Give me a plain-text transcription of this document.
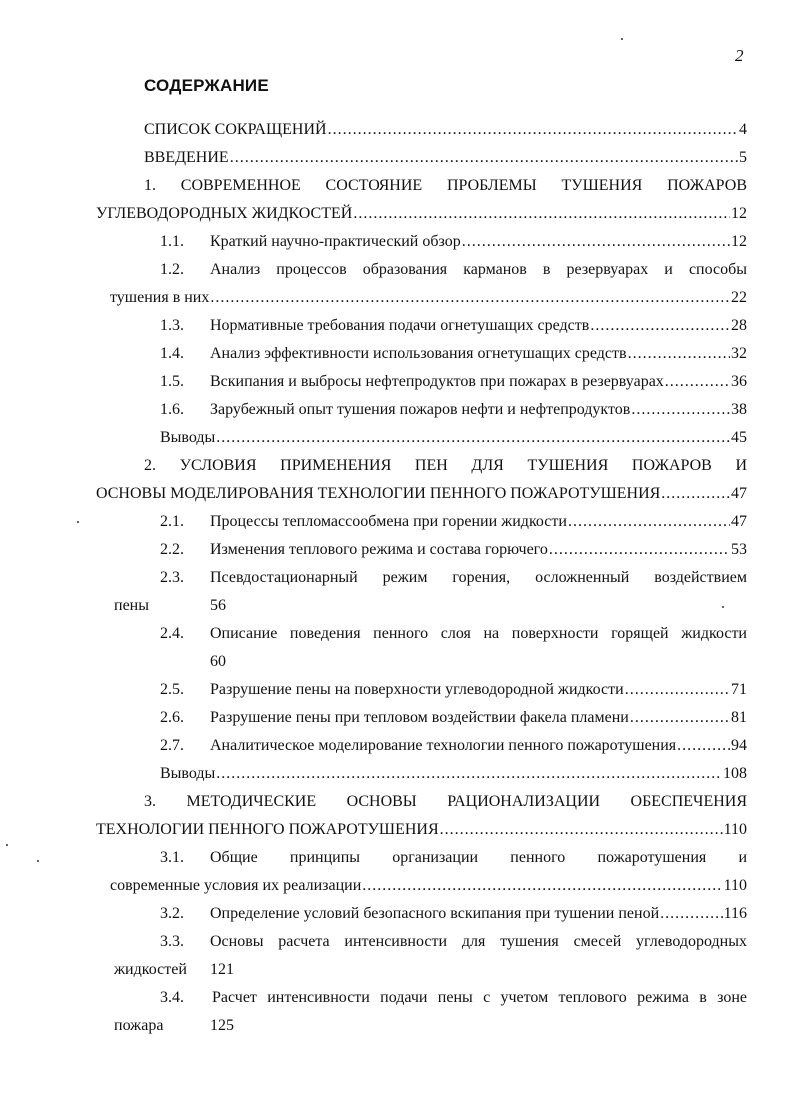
2
СОДЕРЖАНИЕ
СПИСОК СОКРАЩЕНИЙ .....	4
ВВЕДЕНИЕ .....	5
1. СОВРЕМЕННОЕ СОСТОЯНИЕ ПРОБЛЕМЫ ТУШЕНИЯ ПОЖАРОВ
УГЛЕВОДОРОДНЫХ ЖИДКОСТЕЙ .....	12
1.1. Краткий научно-практический обзор .....	12
1.2. Анализ процессов образования карманов в резервуарах и способы
тушения в них .....	22
1.3. Нормативные требования подачи огнетушащих средств .....	28
1.4. Анализ эффективности использования огнетушащих средств .....	32
1.5. Вскипания и выбросы нефтепродуктов при пожарах в резервуарах .....	36
1.6. Зарубежный опыт тушения пожаров нефти и нефтепродуктов .....	38
Выводы .....	45
2. УСЛОВИЯ ПРИМЕНЕНИЯ ПЕН ДЛЯ ТУШЕНИЯ ПОЖАРОВ И
ОСНОВЫ МОДЕЛИРОВАНИЯ ТЕХНОЛОГИИ ПЕННОГО ПОЖАРОТУШЕНИЯ .....	47
2.1. Процессы тепломассообмена при горении жидкости .....	47
2.2. Изменения теплового режима и состава горючего .....	53
2.3. Псевдостационарный режим горения, осложненный воздействием
пены	56
2.4. Описание поведения пенного слоя на поверхности горящей жидкости
60
2.5. Разрушение пены на поверхности углеводородной жидкости .....	71
2.6. Разрушение пены при тепловом воздействии факела пламени .....	81
2.7. Аналитическое моделирование технологии пенного пожаротушения .....	94
Выводы .....	108
3. МЕТОДИЧЕСКИЕ ОСНОВЫ РАЦИОНАЛИЗАЦИИ ОБЕСПЕЧЕНИЯ
ТЕХНОЛОГИИ ПЕННОГО ПОЖАРОТУШЕНИЯ .....	110
3.1. Общие принципы организации пенного пожаротушения и
современные условия их реализации .....	110
3.2. Определение условий безопасного вскипания при тушении пеной .....	116
3.3. Основы расчета интенсивности для тушения смесей углеводородных
жидкостей 121
3.4. Расчет интенсивности подачи пены с учетом теплового режима в зоне
пожара	125
